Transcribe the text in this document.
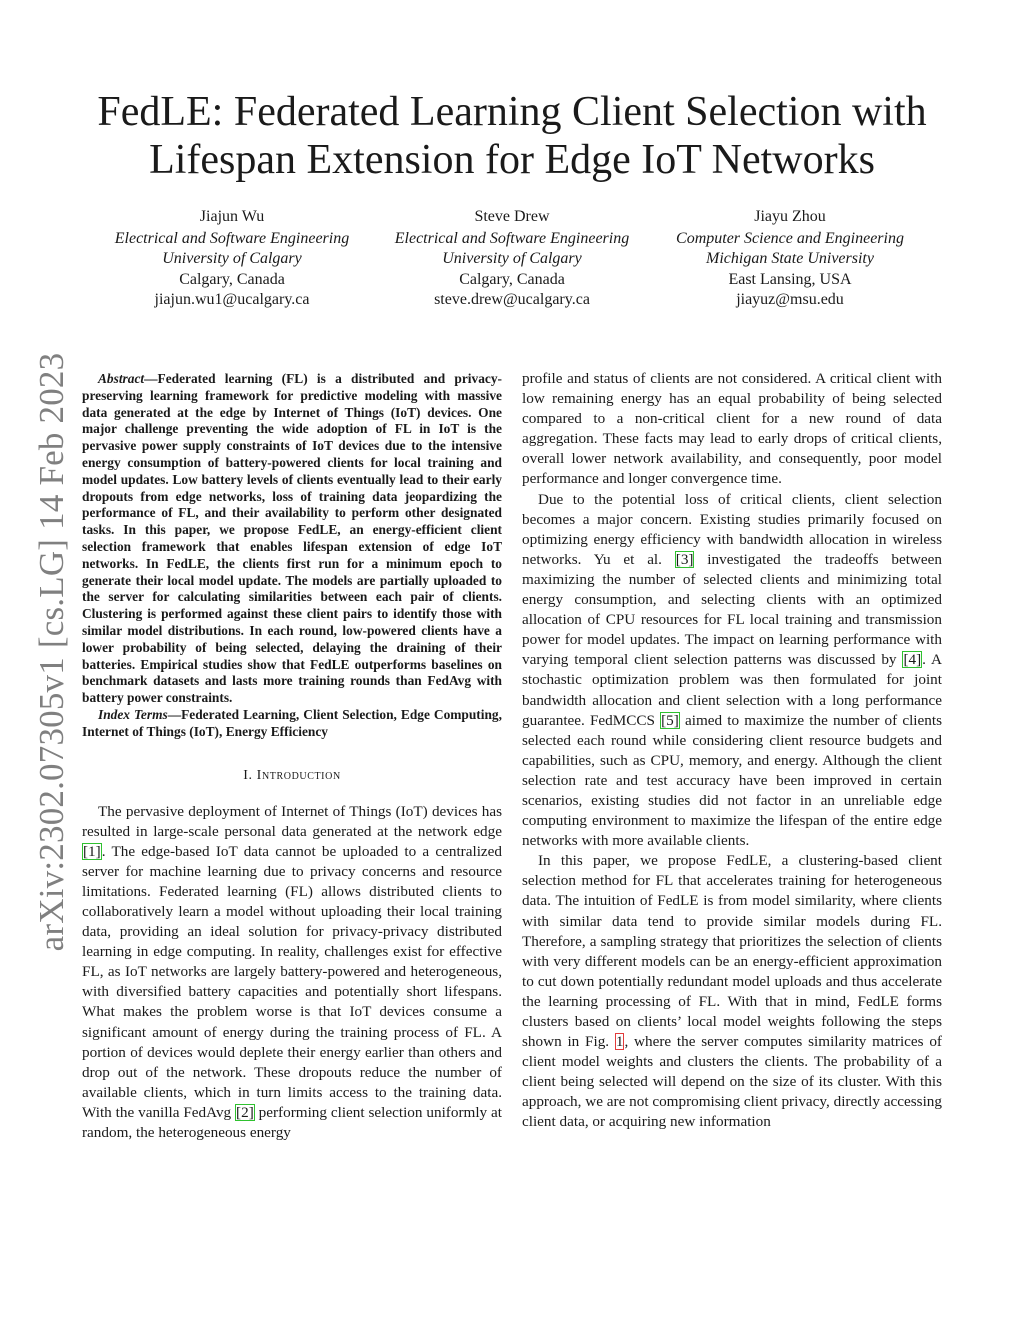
arXiv:2302.07305v1 [cs.LG] 14 Feb 2023
FedLE: Federated Learning Client Selection with
Lifespan Extension for Edge IoT Networks
Jiajun Wu
Electrical and Software Engineering
University of Calgary
Calgary, Canada
jiajun.wu1@ucalgary.ca
Steve Drew
Electrical and Software Engineering
University of Calgary
Calgary, Canada
steve.drew@ucalgary.ca
Jiayu Zhou
Computer Science and Engineering
Michigan State University
East Lansing, USA
jiayuz@msu.edu

Abstract—Federated learning (FL) is a distributed and privacy-preserving learning framework for predictive modeling with massive data generated at the edge by Internet of Things (IoT) devices. One major challenge preventing the wide adoption of FL in IoT is the pervasive power supply constraints of IoT devices due to the intensive energy consumption of battery-powered clients for local training and model updates. Low battery levels of clients eventually lead to their early dropouts from edge networks, loss of training data jeopardizing the performance of FL, and their availability to perform other designated tasks. In this paper, we propose FedLE, an energy-efficient client selection framework that enables lifespan extension of edge IoT networks. In FedLE, the clients first run for a minimum epoch to generate their local model update. The models are partially uploaded to the server for calculating similarities between each pair of clients. Clustering is performed against these client pairs to identify those with similar model distributions. In each round, low-powered clients have a lower probability of being selected, delaying the draining of their batteries. Empirical studies show that FedLE outperforms baselines on benchmark datasets and lasts more training rounds than FedAvg with battery power constraints.

Index Terms—Federated Learning, Client Selection, Edge Computing, Internet of Things (IoT), Energy Efficiency

I. Introduction

The pervasive deployment of Internet of Things (IoT) devices has resulted in large-scale personal data generated at the network edge [1]. The edge-based IoT data cannot be uploaded to a centralized server for machine learning due to privacy concerns and resource limitations. Federated learning (FL) allows distributed clients to collaboratively learn a model without uploading their local training data, providing an ideal solution for privacy-privacy distributed learning in edge computing. In reality, challenges exist for effective FL, as IoT networks are largely battery-powered and heterogeneous, with diversified battery capacities and potentially short lifespans. What makes the problem worse is that IoT devices consume a significant amount of energy during the training process of FL. A portion of devices would deplete their energy earlier than others and drop out of the network. These dropouts reduce the number of available clients, which in turn limits access to the training data. With the vanilla FedAvg [2] performing client selection uniformly at random, the heterogeneous energy

profile and status of clients are not considered. A critical client with low remaining energy has an equal probability of being selected compared to a non-critical client for a new round of data aggregation. These facts may lead to early drops of critical clients, overall lower network availability, and consequently, poor model performance and longer convergence time.

Due to the potential loss of critical clients, client selection becomes a major concern. Existing studies primarily focused on optimizing energy efficiency with bandwidth allocation in wireless networks. Yu et al. [3] investigated the tradeoffs between maximizing the number of selected clients and minimizing total energy consumption, and selecting clients with an optimized allocation of CPU resources for FL local training and transmission power for model updates. The impact on learning performance with varying temporal client selection patterns was discussed by [4]. A stochastic optimization problem was then formulated for joint bandwidth allocation and client selection with a long performance guarantee. FedMCCS [5] aimed to maximize the number of clients selected each round while considering client resource budgets and capabilities, such as CPU, memory, and energy. Although the client selection rate and test accuracy have been improved in certain scenarios, existing studies did not factor in an unreliable edge computing environment to maximize the lifespan of the entire edge networks with more available clients.

In this paper, we propose FedLE, a clustering-based client selection method for FL that accelerates training for heterogeneous data. The intuition of FedLE is from model similarity, where clients with similar data tend to provide similar models during FL. Therefore, a sampling strategy that prioritizes the selection of clients with very different models can be an energy-efficient approximation to cut down potentially redundant model uploads and thus accelerate the learning processing of FL. With that in mind, FedLE forms clusters based on clients’ local model weights following the steps shown in Fig. 1, where the server computes similarity matrices of client model weights and clusters the clients. The probability of a client being selected will depend on the size of its cluster. With this approach, we are not compromising client privacy, directly accessing client data, or acquiring new information
